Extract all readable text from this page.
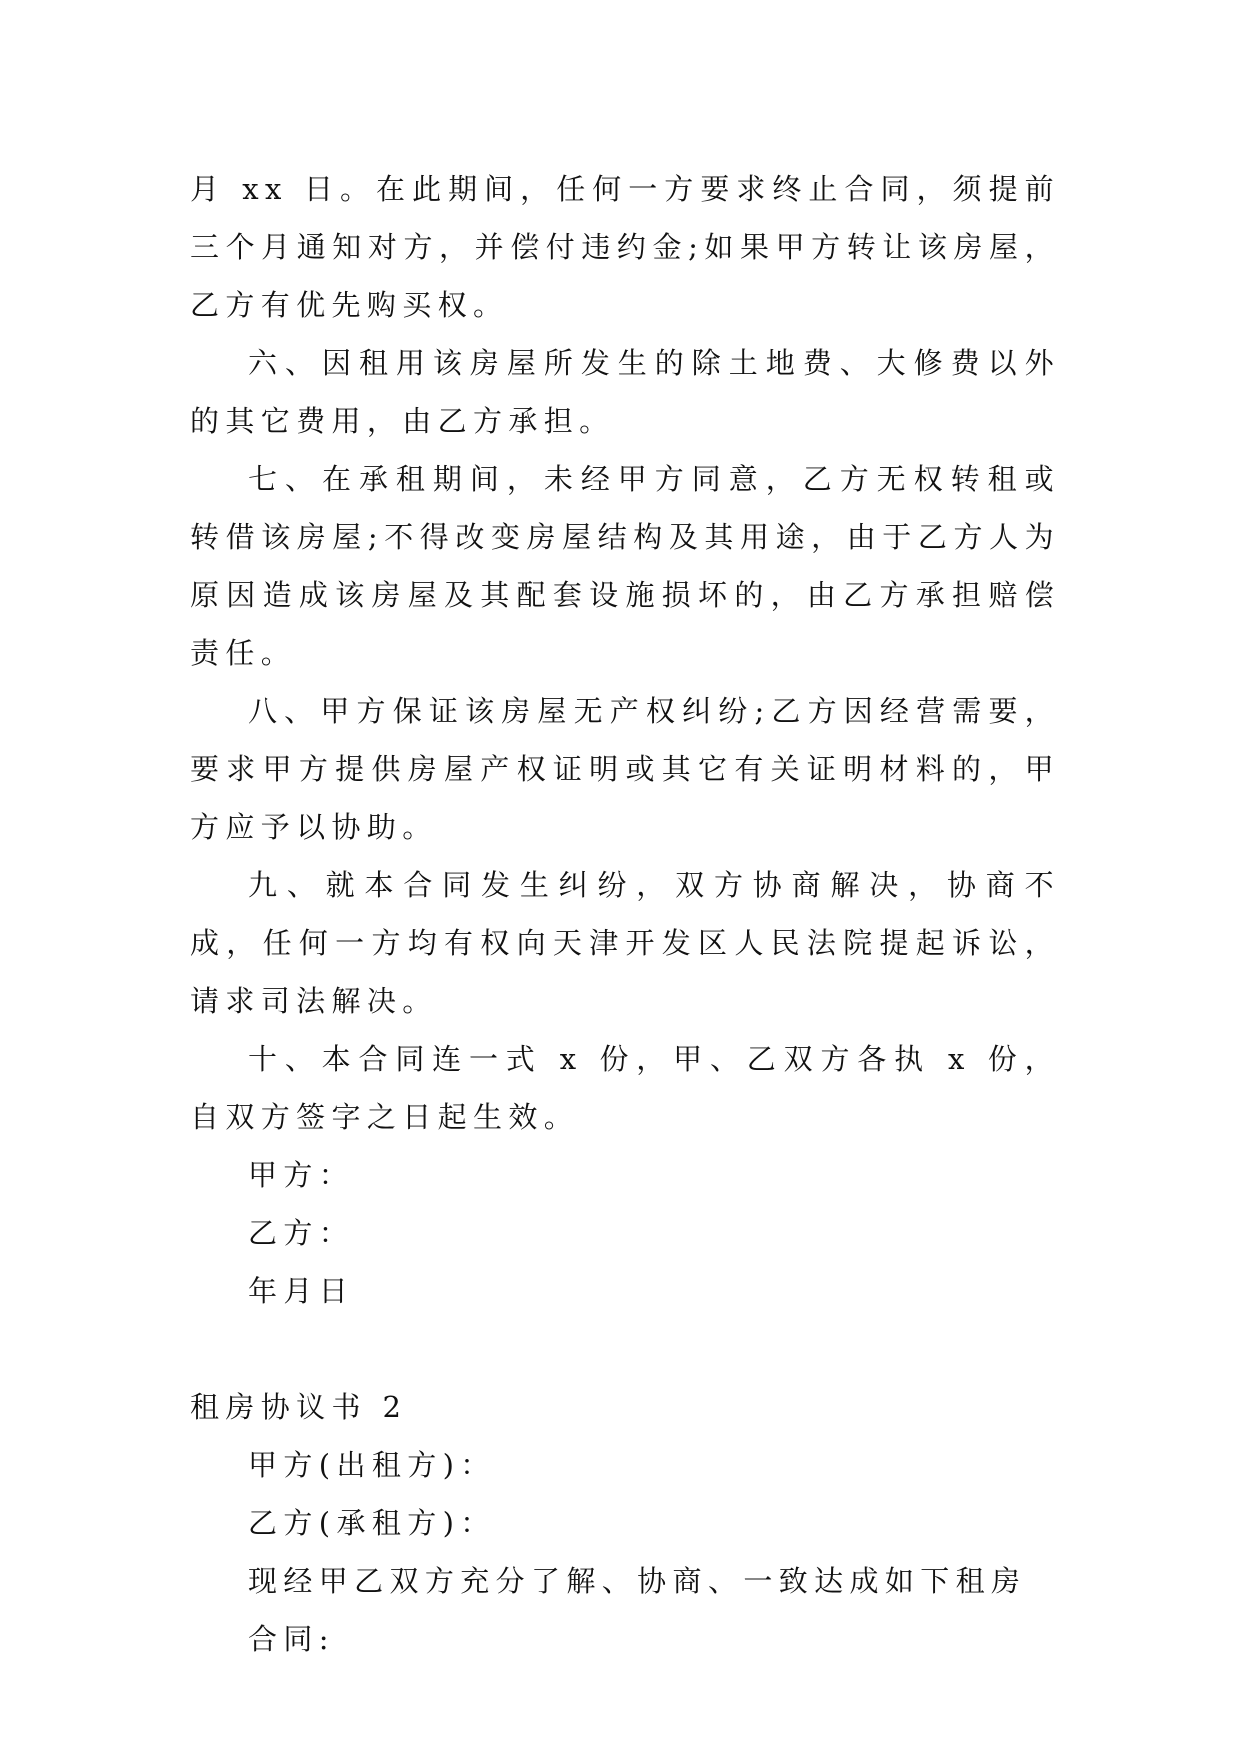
月 xx 日。在此期间，任何一方要求终止合同，须提前三个月通知对方，并偿付违约金;如果甲方转让该房屋，乙方有优先购买权。

六、因租用该房屋所发生的除土地费、大修费以外的其它费用，由乙方承担。

七、在承租期间，未经甲方同意，乙方无权转租或转借该房屋;不得改变房屋结构及其用途，由于乙方人为原因造成该房屋及其配套设施损坏的，由乙方承担赔偿责任。

八、甲方保证该房屋无产权纠纷;乙方因经营需要，要求甲方提供房屋产权证明或其它有关证明材料的，甲方应予以协助。

九、就本合同发生纠纷，双方协商解决，协商不成，任何一方均有权向天津开发区人民法院提起诉讼，请求司法解决。

十、本合同连一式 x 份，甲、乙双方各执 x 份，自双方签字之日起生效。

甲方：

乙方：

年月日

租房协议书 2

甲方(出租方)：

乙方(承租方)：

现经甲乙双方充分了解、协商、一致达成如下租房合同:
